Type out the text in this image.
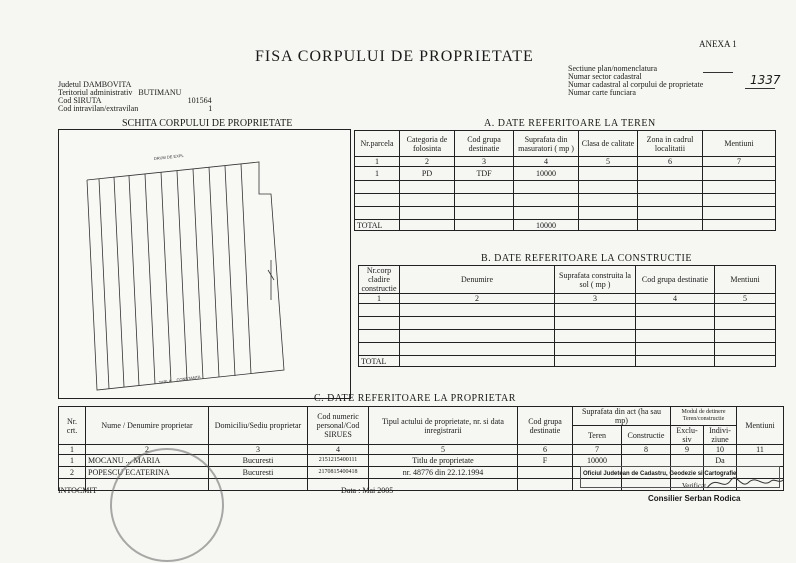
ANEXA 1
FISA CORPULUI DE PROPRIETATE
Sectiune plan/nomenclatura
Numar sector cadastral
Numar cadastral al corpului de proprietate
Numar carte funciara
1337
Judetul DAMBOVITA
Teritoriul administrativ BUTIMANU
Cod SIRUTA	101564
Cod intravilan/extravilan	1
SCHITA CORPULUI DE PROPRIETATE
DRUM DE EXPL
TARLA ... CONSTANTA
A. DATE REFERITOARE LA TEREN
Nr.parcela	Categoria de folosinta	Cod grupa destinatie	Suprafata din masuratori ( mp )	Clasa de calitate	Zona in cadrul localitatii	Mentiuni
1	2	3	4	5	6	7
1	PD	TDF	10000			

TOTAL			10000			
B. DATE REFERITOARE LA CONSTRUCTIE
Nr.corp cladire constructie	Denumire	Suprafata construita la sol ( mp )	Cod grupa destinatie	Mentiuni
1	2	3	4	5

TOTAL				
C. DATE REFERITOARE LA PROPRIETAR
Nr. crt.	Nume / Denumire proprietar	Domiciliu/Sediu proprietar	Cod numeric personal/Cod SIRUES	Tipul actului de proprietate, nr. si data inregistrarii	Cod grupa destinatie	Suprafata din act (ha sau mp)		Modul de detinere Teren/constructie		Mentiuni
						Teren	Constructie	Exclu- siv	Indivi- ziune	
1	2	3	4	5	6	7	8	9	10	11
1	MOCANU ... MARIA	Bucuresti	2151215400111	Titlu de proprietate	F	10000			Da	
2	POPESCU ECATERINA	Bucuresti	2170815400418	nr. 48776 din 22.12.1994						

INTOCMIT	Data : Mai 2005
Oficiul Judetean de Cadastru, Geodezie si Cartografie
Verificat
Consilier Serban Rodica
